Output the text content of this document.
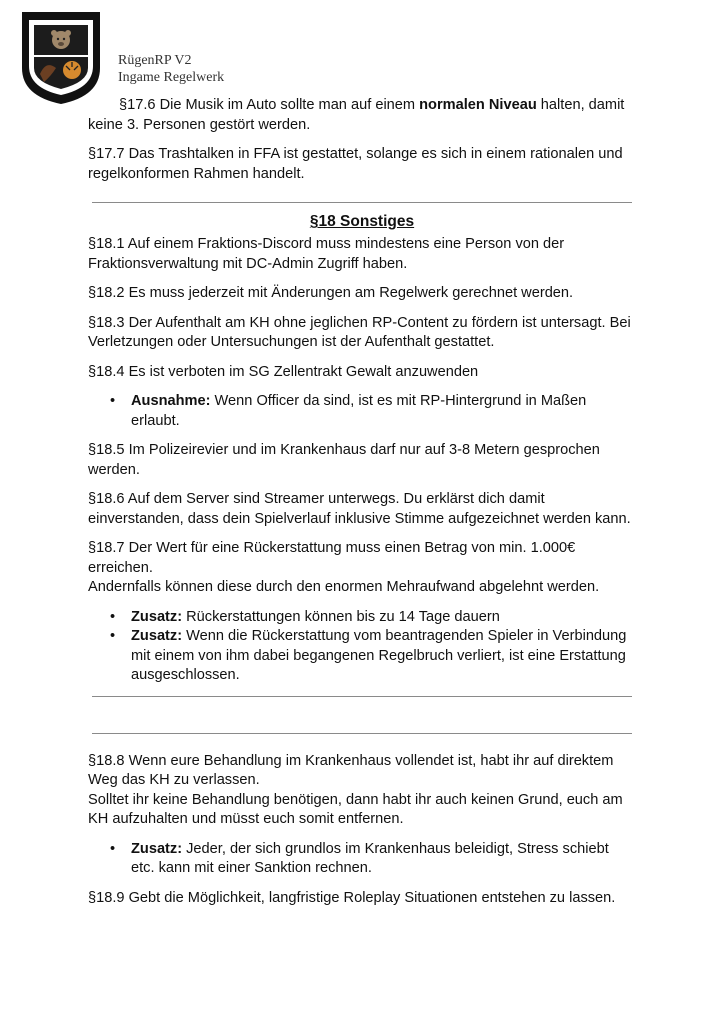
RügenRP V2
Ingame Regelwerk

§17.6 Die Musik im Auto sollte man auf einem normalen Niveau halten, damit keine 3. Personen gestört werden.

§17.7 Das Trashtalken in FFA ist gestattet, solange es sich in einem rationalen und regelkonformen Rahmen handelt.

§18 Sonstiges

§18.1 Auf einem Fraktions-Discord muss mindestens eine Person von der Fraktionsverwaltung mit DC-Admin Zugriff haben.

§18.2 Es muss jederzeit mit Änderungen am Regelwerk gerechnet werden.

§18.3 Der Aufenthalt am KH ohne jeglichen RP-Content zu fördern ist untersagt. Bei Verletzungen oder Untersuchungen ist der Aufenthalt gestattet.

§18.4 Es ist verboten im SG Zellentrakt Gewalt anzuwenden

• Ausnahme: Wenn Officer da sind, ist es mit RP-Hintergrund in Maßen erlaubt.

§18.5 Im Polizeirevier und im Krankenhaus darf nur auf 3-8 Metern gesprochen werden.

§18.6 Auf dem Server sind Streamer unterwegs. Du erklärst dich damit einverstanden, dass dein Spielverlauf inklusive Stimme aufgezeichnet werden kann.

§18.7 Der Wert für eine Rückerstattung muss einen Betrag von min. 1.000€ erreichen.

Andernfalls können diese durch den enormen Mehraufwand abgelehnt werden.

• Zusatz: Rückerstattungen können bis zu 14 Tage dauern
• Zusatz: Wenn die Rückerstattung vom beantragenden Spieler in Verbindung mit einem von ihm dabei begangenen Regelbruch verliert, ist eine Erstattung ausgeschlossen.
§18.8 Wenn eure Behandlung im Krankenhaus vollendet ist, habt ihr auf direktem Weg das KH zu verlassen.

Solltet ihr keine Behandlung benötigen, dann habt ihr auch keinen Grund, euch am KH aufzuhalten und müsst euch somit entfernen.

• Zusatz: Jeder, der sich grundlos im Krankenhaus beleidigt, Stress schiebt etc. kann mit einer Sanktion rechnen.

§18.9 Gebt die Möglichkeit, langfristige Roleplay Situationen entstehen zu lassen.
